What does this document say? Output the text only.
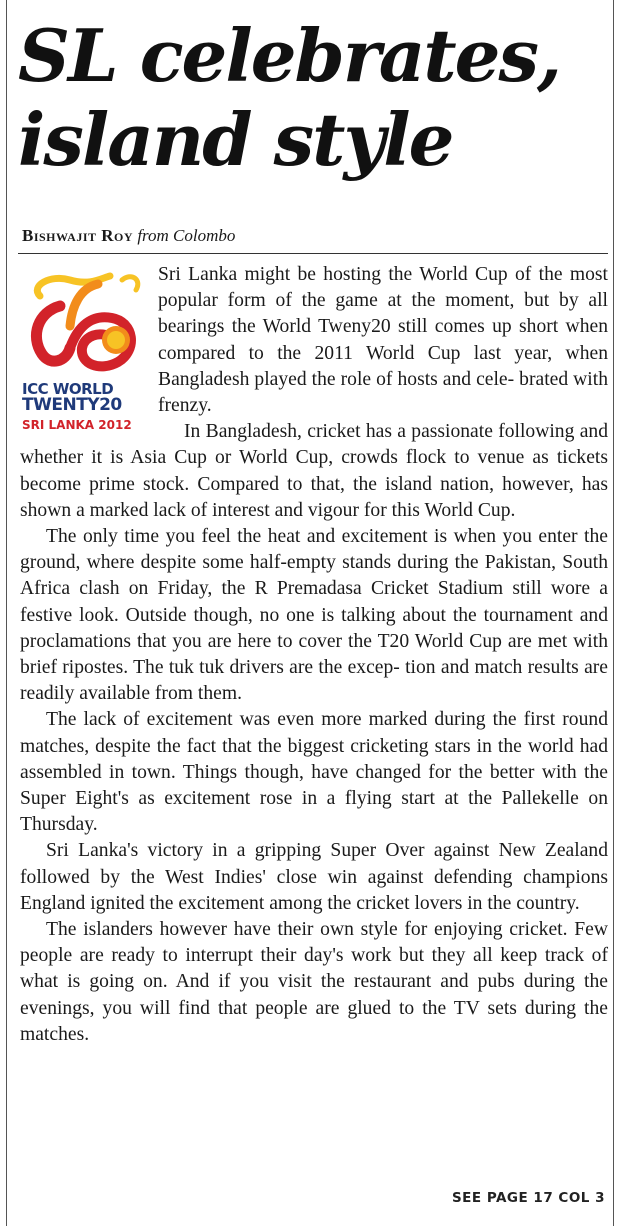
SL celebrates,
island style
Bishwajit Roy from Colombo

ICC WORLD
TWENTY20
SRI LANKA 2012
Sri Lanka might be hosting the World Cup of the most popular form of the game at the moment, but by all bearings the World Tweny20 still comes up short when compared to the 2011 World Cup last year, when Bangladesh played the role of hosts and cele- brated with frenzy.

In Bangladesh, cricket has a passionate following and whether it is Asia Cup or World Cup, crowds flock to venue as tickets become prime stock. Compared to that, the island nation, however, has shown a marked lack of interest and vigour for this World Cup.

The only time you feel the heat and excitement is when you enter the ground, where despite some half-empty stands during the Pakistan, South Africa clash on Friday, the R Premadasa Cricket Stadium still wore a festive look. Outside though, no one is talking about the tournament and proclamations that you are here to cover the T20 World Cup are met with brief ripostes. The tuk tuk drivers are the excep- tion and match results are readily available from them.

The lack of excitement was even more marked during the first round matches, despite the fact that the biggest cricketing stars in the world had assembled in town. Things though, have changed for the better with the Super Eight's as excitement rose in a flying start at the Pallekelle on Thursday.

Sri Lanka's victory in a gripping Super Over against New Zealand followed by the West Indies' close win against defending champions England ignited the excitement among the cricket lovers in the country.

The islanders however have their own style for enjoying cricket. Few people are ready to interrupt their day's work but they all keep track of what is going on. And if you visit the restaurant and pubs during the evenings, you will find that people are glued to the TV sets during the matches.

SEE PAGE 17 COL 3
